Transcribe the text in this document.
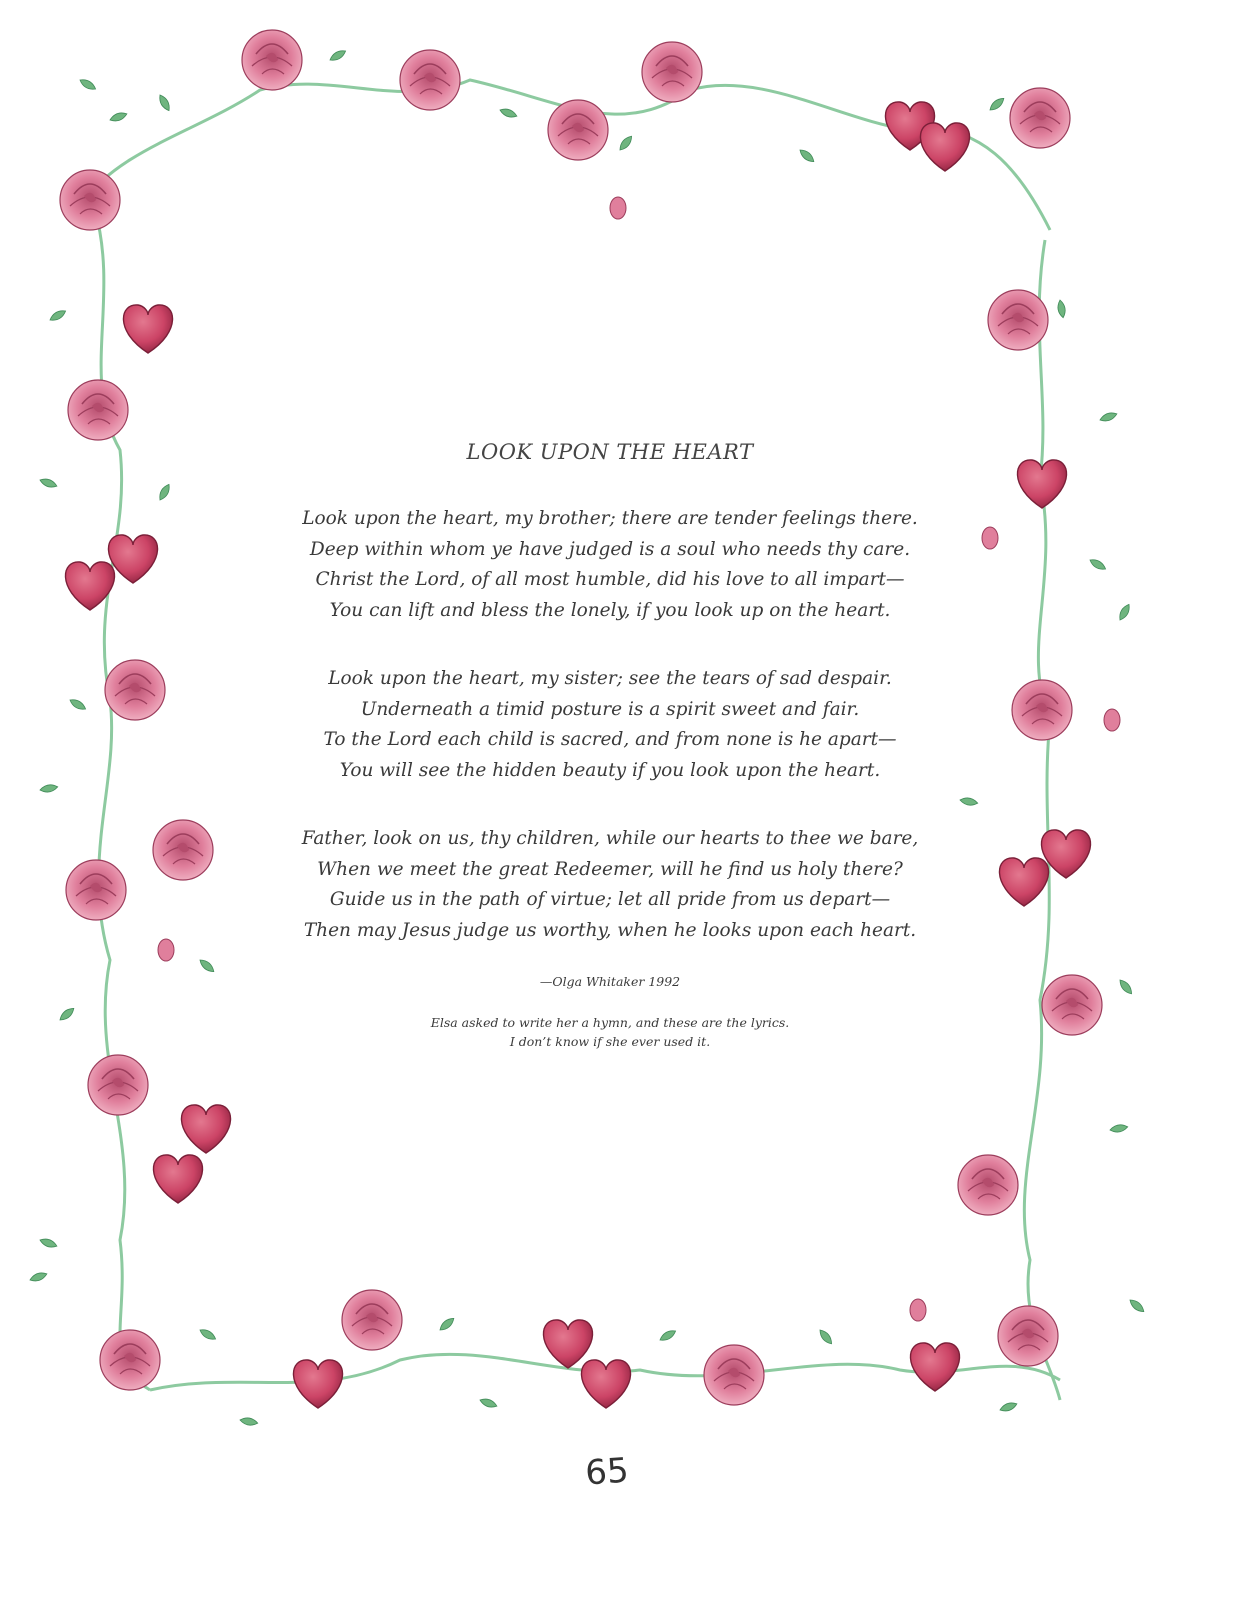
LOOK UPON THE HEART
Look upon the heart, my brother; there are tender feelings there.
Deep within whom ye have judged is a soul who needs thy care.
Christ the Lord, of all most humble, did his love to all impart—
You can lift and bless the lonely, if you look up on the heart.
Look upon the heart, my sister; see the tears of sad despair.
Underneath a timid posture is a spirit sweet and fair.
To the Lord each child is sacred, and from none is he apart—
You will see the hidden beauty if you look upon the heart.
Father, look on us, thy children, while our hearts to thee we bare,
When we meet the great Redeemer, will he find us holy there?
Guide us in the path of virtue; let all pride from us depart—
Then may Jesus judge us worthy, when he looks upon each heart.
—Olga Whitaker 1992
Elsa asked to write her a hymn, and these are the lyrics.
I don’t know if she ever used it.
65
